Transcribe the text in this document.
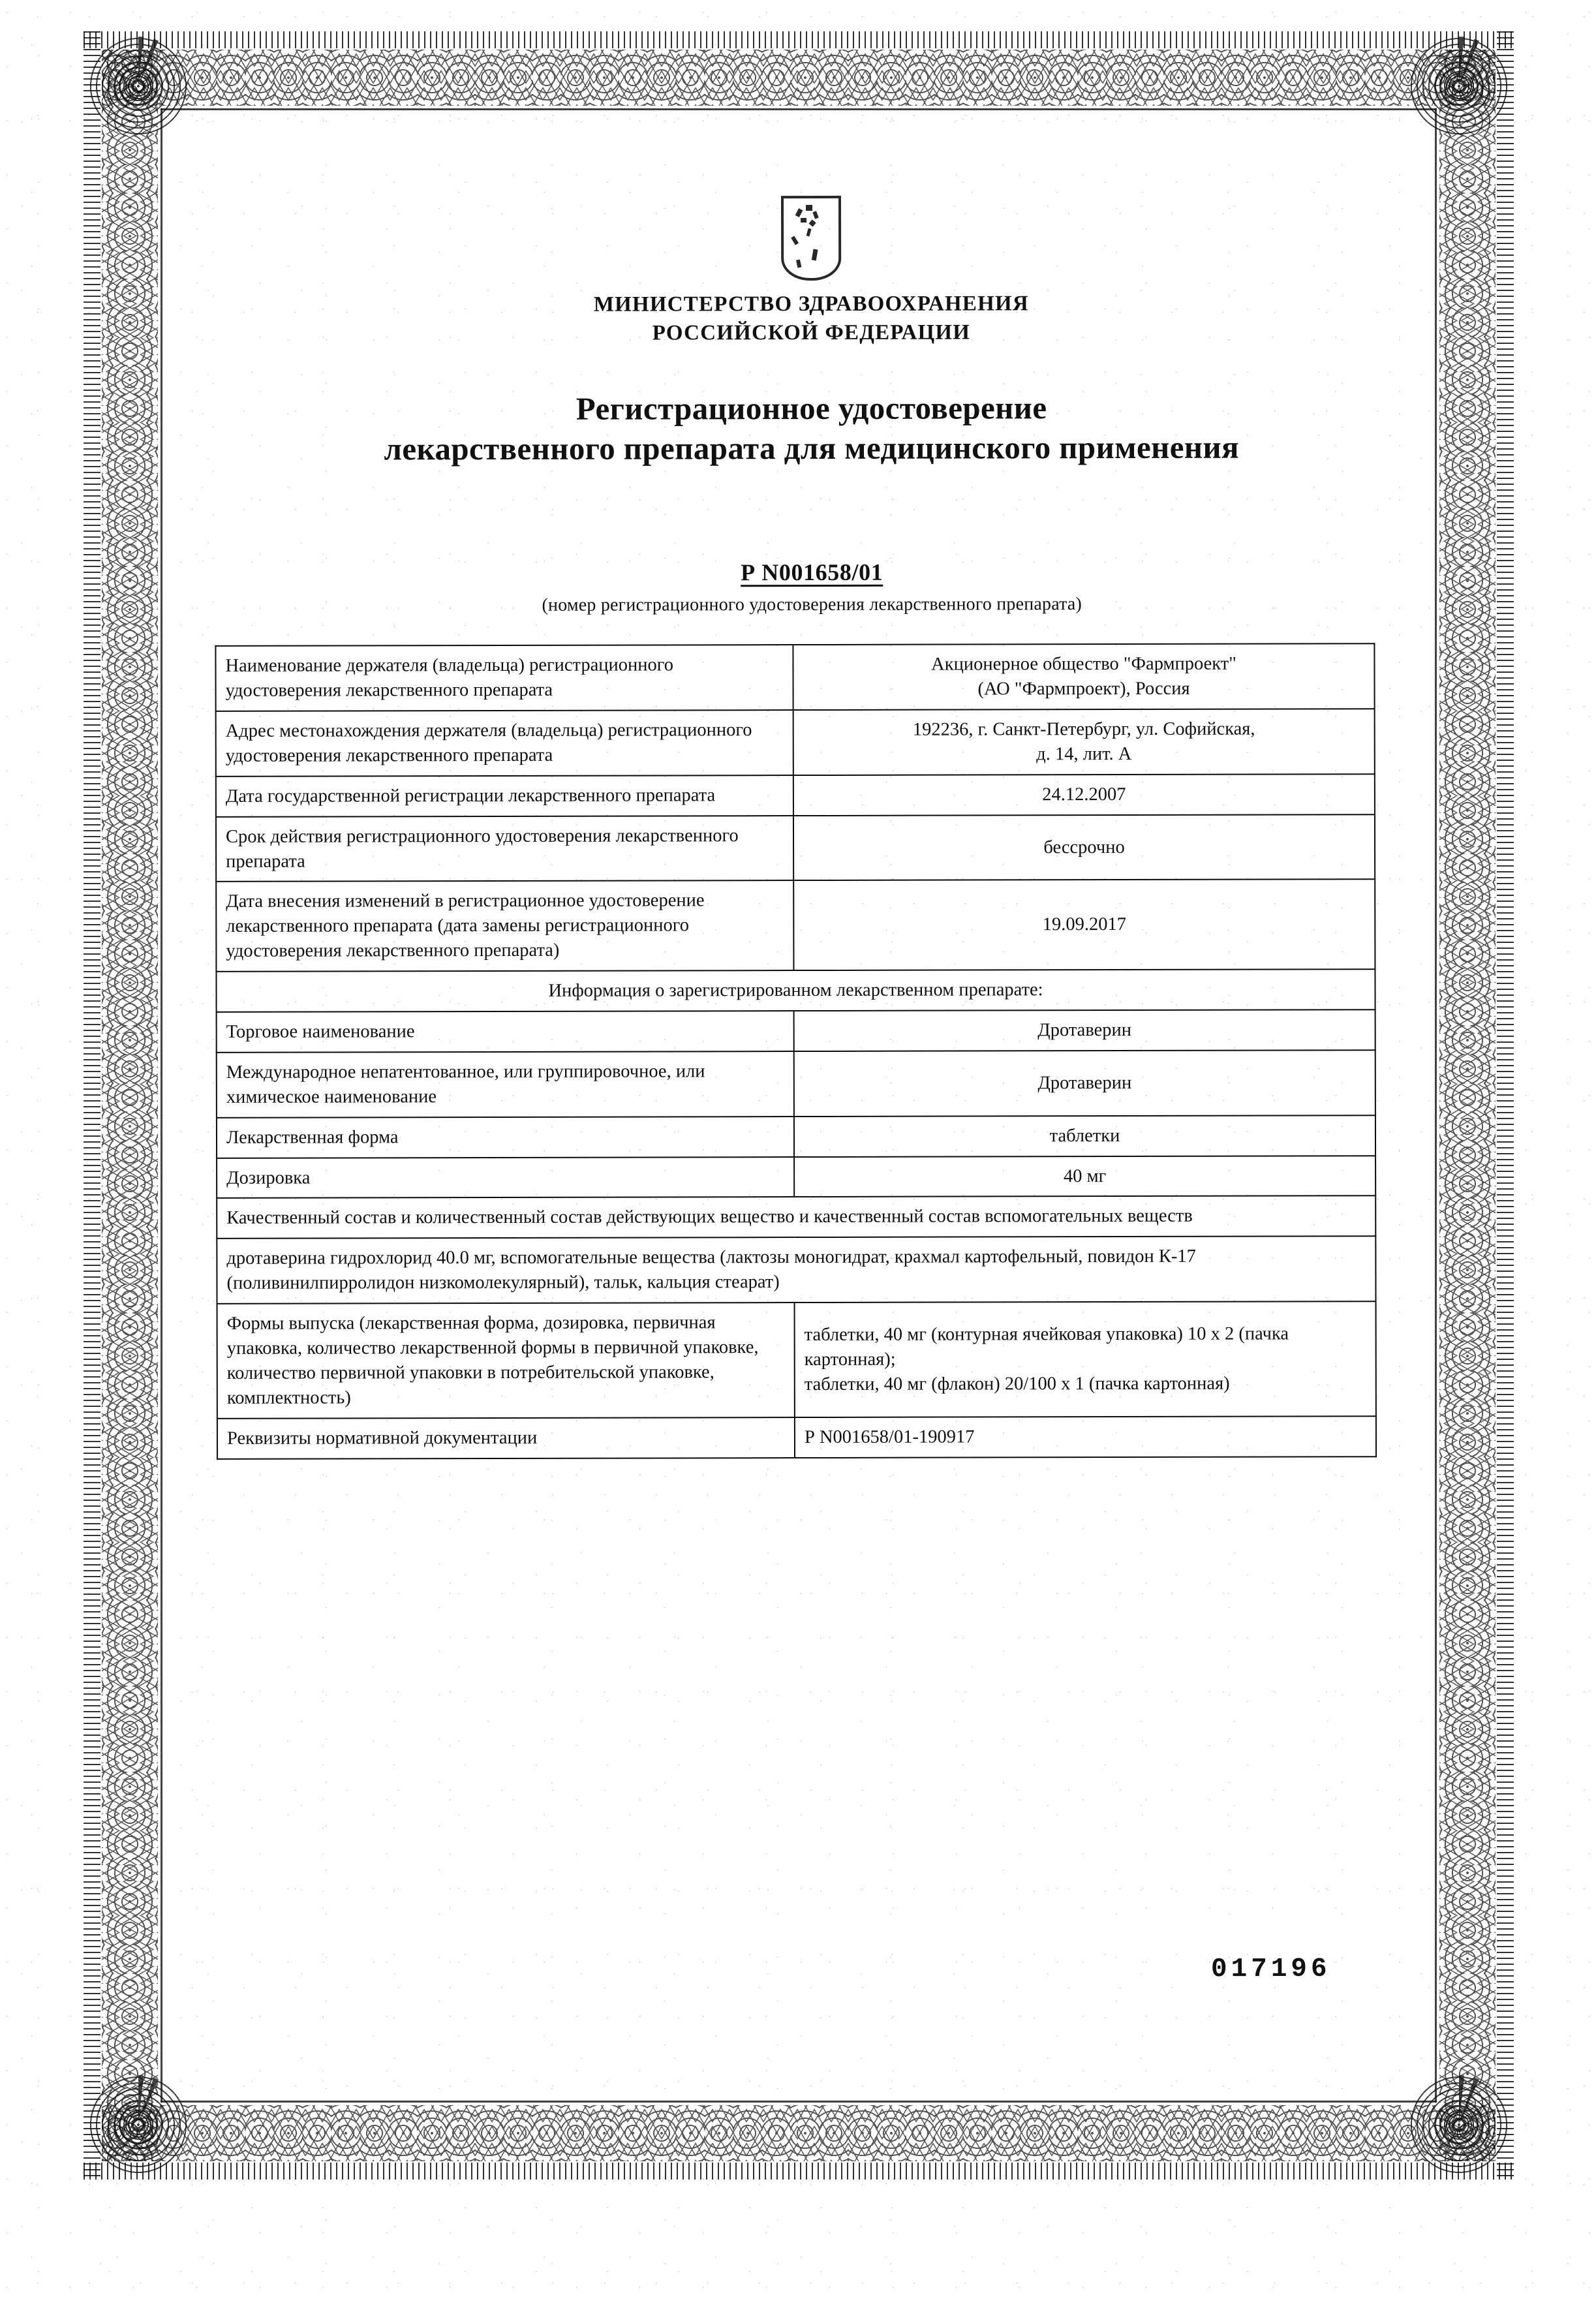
МИНИСТЕРСТВО ЗДРАВООХРАНЕНИЯ
РОССИЙСКОЙ ФЕДЕРАЦИИ
Регистрационное удостоверение
лекарственного препарата для медицинского применения
Р N001658/01
(номер регистрационного удостоверения лекарственного препарата)
Наименование держателя (владельца) регистрационного удостоверения лекарственного препарата	Акционерное общество "Фармпроект"
(АО "Фармпроект), Россия
Адрес местонахождения держателя (владельца) регистрационного удостоверения лекарственного препарата	192236, г. Санкт-Петербург, ул. Софийская,
д. 14, лит. А
Дата государственной регистрации лекарственного препарата	24.12.2007
Срок действия регистрационного удостоверения лекарственного препарата	бессрочно
Дата внесения изменений в регистрационное удостоверение лекарственного препарата (дата замены регистрационного удостоверения лекарственного препарата)	19.09.2017
Информация о зарегистрированном лекарственном препарате:	
Торговое наименование	Дротаверин
Международное непатентованное, или группировочное, или химическое наименование	Дротаверин
Лекарственная форма	таблетки
Дозировка	40 мг
Качественный состав и количественный состав действующих вещество и качественный состав вспомогательных веществ	
дротаверина гидрохлорид 40.0 мг, вспомогательные вещества (лактозы моногидрат, крахмал картофельный, повидон К-17 (поливинилпирролидон низкомолекулярный), тальк, кальция стеарат)	
Формы выпуска (лекарственная форма, дозировка, первичная упаковка, количество лекарственной формы в первичной упаковке, количество первичной упаковки в потребительской упаковке, комплектность)	таблетки, 40 мг (контурная ячейковая упаковка) 10 х 2 (пачка картонная);
таблетки, 40 мг (флакон) 20/100 х 1 (пачка картонная)
Реквизиты нормативной документации	Р N001658/01-190917
017196
